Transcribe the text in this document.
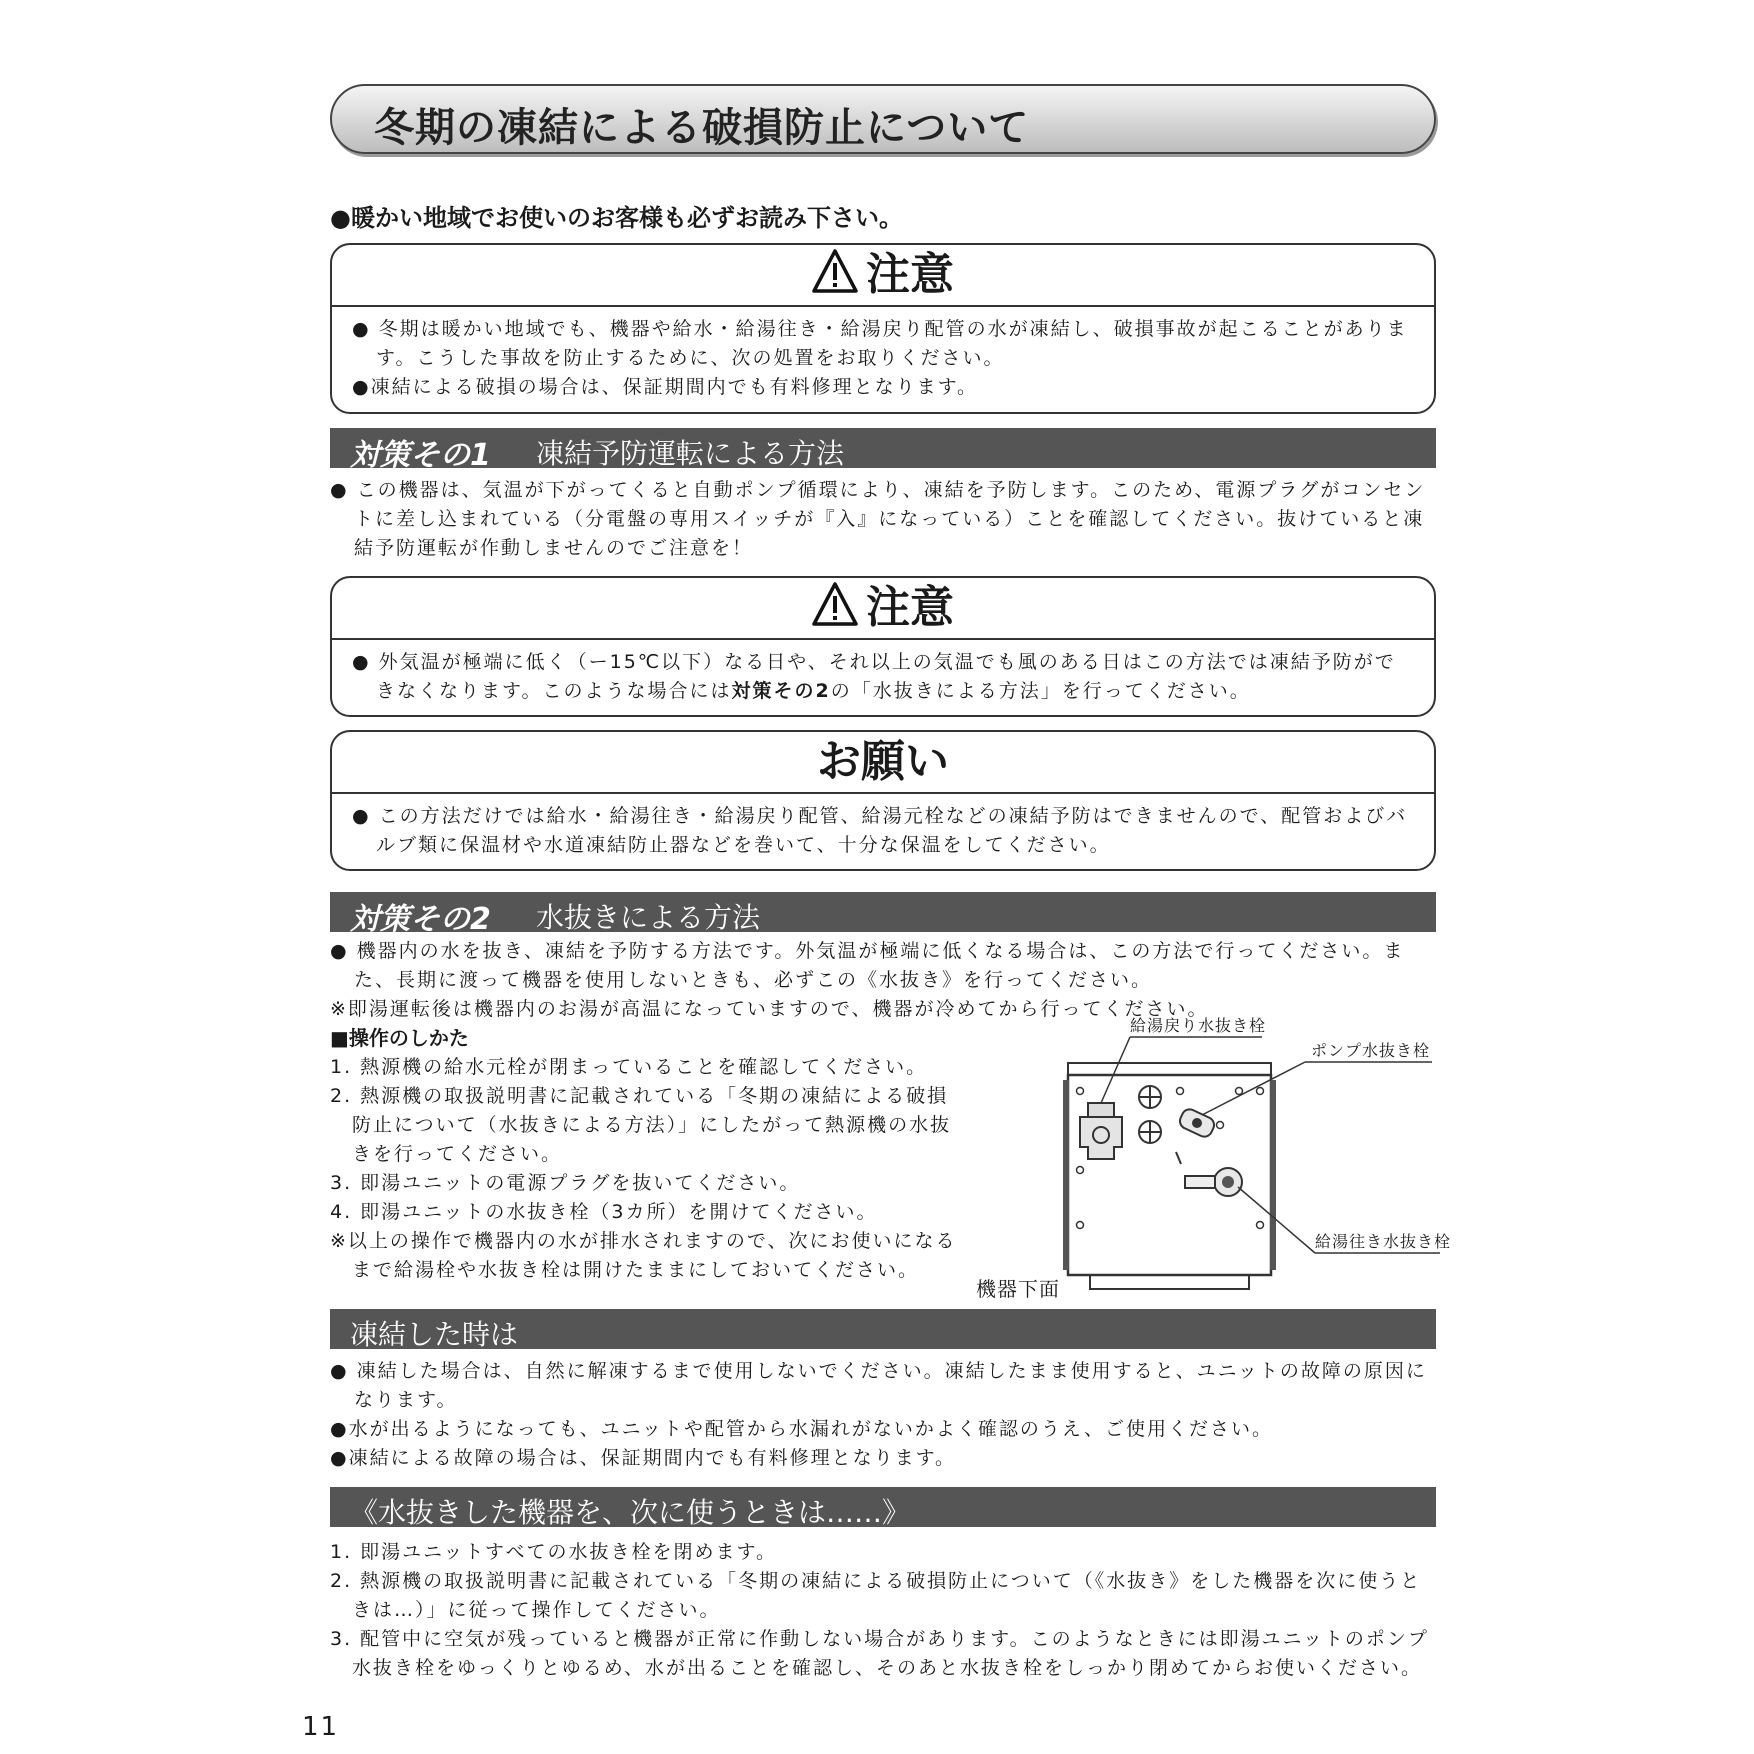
冬期の凍結による破損防止について
●暖かい地域でお使いのお客様も必ずお読み下さい。
注意

● 冬期は暖かい地域でも、機器や給水・給湯往き・給湯戻り配管の水が凍結し、破損事故が起こることがありま

す。こうした事故を防止するために、次の処置をお取りください。

●凍結による破損の場合は、保証期間内でも有料修理となります。

対策その1 凍結予防運転による方法

● この機器は、気温が下がってくると自動ポンプ循環により、凍結を予防します。このため、電源プラグがコンセントに差し込まれている（分電盤の専用スイッチが『入』になっている）ことを確認してください。抜けていると凍結予防運転が作動しませんのでご注意を！

注意

● 外気温が極端に低く（ー15℃以下）なる日や、それ以上の気温でも風のある日はこの方法では凍結予防ができなくなります。このような場合には対策その2の「水抜きによる方法」を行ってください。

お願い

● この方法だけでは給水・給湯往き・給湯戻り配管、給湯元栓などの凍結予防はできませんので、配管およびバルブ類に保温材や水道凍結防止器などを巻いて、十分な保温をしてください。

対策その2 水抜きによる方法

● 機器内の水を抜き、凍結を予防する方法です。外気温が極端に低くなる場合は、この方法で行ってください。また、長期に渡って機器を使用しないときも、必ずこの《水抜き》を行ってください。

※即湯運転後は機器内のお湯が高温になっていますので、機器が冷めてから行ってください。

■操作のしかた

1. 熱源機の給水元栓が閉まっていることを確認してください。

2. 熱源機の取扱説明書に記載されている「冬期の凍結による破損防止について（水抜きによる方法）」にしたがって熱源機の水抜きを行ってください。

3. 即湯ユニットの電源プラグを抜いてください。

4. 即湯ユニットの水抜き栓（3カ所）を開けてください。

※以上の操作で機器内の水が排水されますので、次にお使いになるまで給湯栓や水抜き栓は開けたままにしておいてください。

給湯戻り水抜き栓
ポンプ水抜き栓
給湯往き水抜き栓
機器下面
凍結した時は

● 凍結した場合は、自然に解凍するまで使用しないでください。凍結したまま使用すると、ユニットの故障の原因になります。

●水が出るようになっても、ユニットや配管から水漏れがないかよく確認のうえ、ご使用ください。

●凍結による故障の場合は、保証期間内でも有料修理となります。

《水抜きした機器を、次に使うときは……》

1. 即湯ユニットすべての水抜き栓を閉めます。

2. 熱源機の取扱説明書に記載されている「冬期の凍結による破損防止について（《水抜き》をした機器を次に使うときは…）」に従って操作してください。

3. 配管中に空気が残っていると機器が正常に作動しない場合があります。このようなときには即湯ユニットのポンプ水抜き栓をゆっくりとゆるめ、水が出ることを確認し、そのあと水抜き栓をしっかり閉めてからお使いください。

11
